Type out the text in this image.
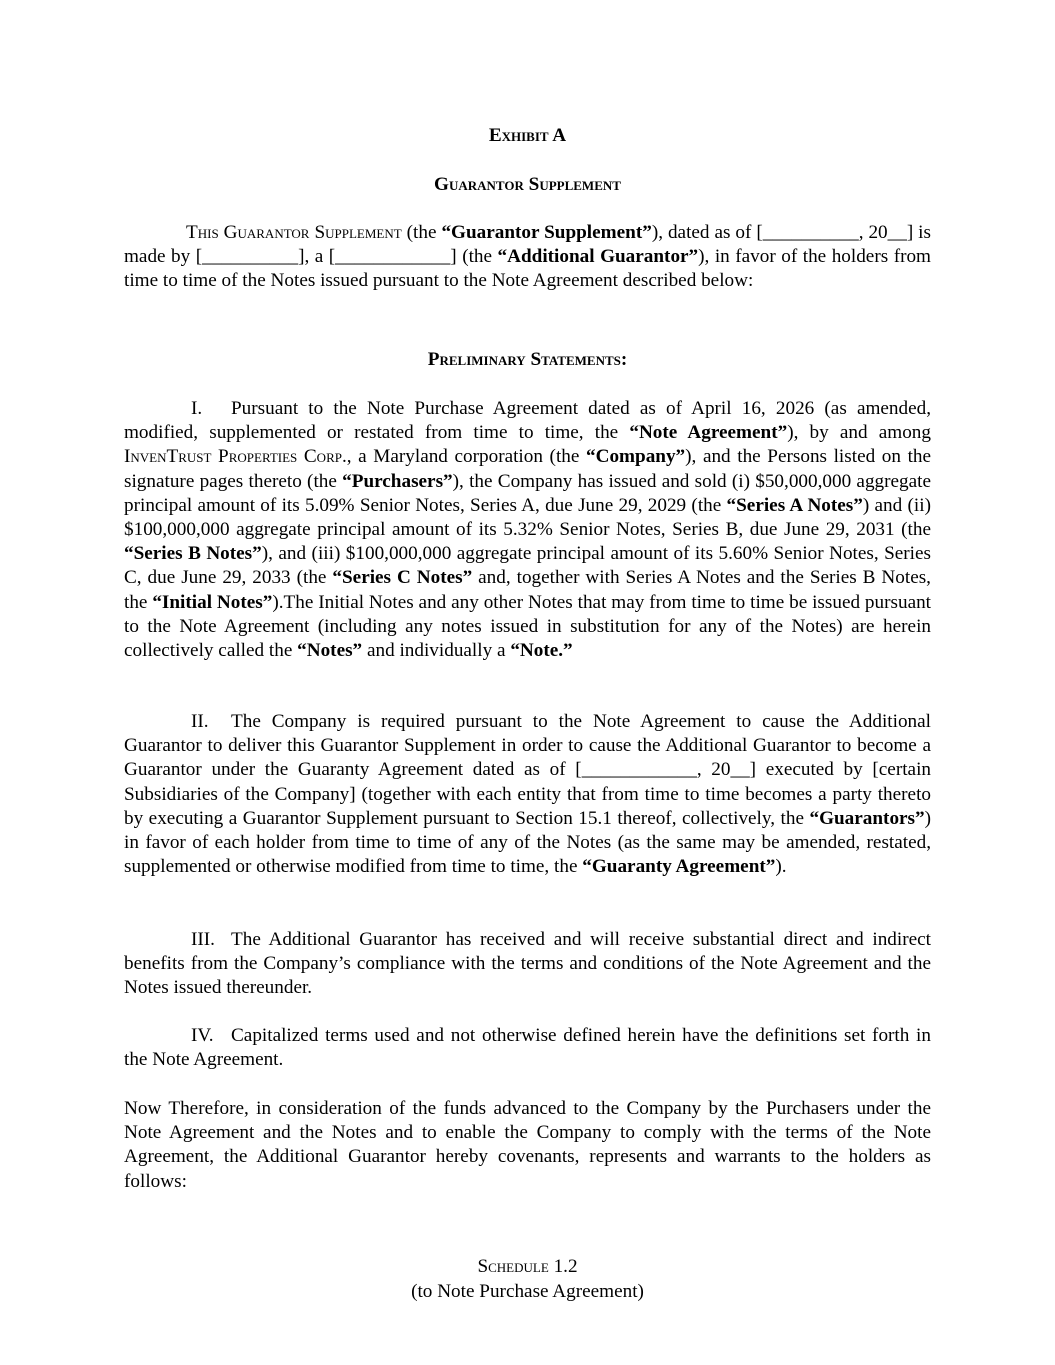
Exhibit A

Guarantor Supplement

This Guarantor Supplement (the “Guarantor Supplement”), dated as of [__________, 20__] is made by [__________], a [____________] (the “Additional Guarantor”), in favor of the holders from time to time of the Notes issued pursuant to the Note Agreement described below:

Preliminary Statements:

I. Pursuant to the Note Purchase Agreement dated as of April 16, 2026 (as amended, modified, supplemented or restated from time to time, the “Note Agreement”), by and among InvenTrust Properties Corp., a Maryland corporation (the “Company”), and the Persons listed on the signature pages thereto (the “Purchasers”), the Company has issued and sold (i) $50,000,000 aggregate principal amount of its 5.09% Senior Notes, Series A, due June 29, 2029 (the “Series A Notes”) and (ii) $100,000,000 aggregate principal amount of its 5.32% Senior Notes, Series B, due June 29, 2031 (the “Series B Notes”), and (iii) $100,000,000 aggregate principal amount of its 5.60% Senior Notes, Series C, due June 29, 2033 (the “Series C Notes” and, together with Series A Notes and the Series B Notes, the “Initial Notes”).The Initial Notes and any other Notes that may from time to time be issued pursuant to the Note Agreement (including any notes issued in substitution for any of the Notes) are herein collectively called the “Notes” and individually a “Note.”

II. The Company is required pursuant to the Note Agreement to cause the Additional Guarantor to deliver this Guarantor Supplement in order to cause the Additional Guarantor to become a Guarantor under the Guaranty Agreement dated as of [____________, 20__] executed by [certain Subsidiaries of the Company] (together with each entity that from time to time becomes a party thereto by executing a Guarantor Supplement pursuant to Section 15.1 thereof, collectively, the “Guarantors”) in favor of each holder from time to time of any of the Notes (as the same may be amended, restated, supplemented or otherwise modified from time to time, the “Guaranty Agreement”).

III. The Additional Guarantor has received and will receive substantial direct and indirect benefits from the Company’s compliance with the terms and conditions of the Note Agreement and the Notes issued thereunder.

IV. Capitalized terms used and not otherwise defined herein have the definitions set forth in the Note Agreement.

Now Therefore, in consideration of the funds advanced to the Company by the Purchasers under the Note Agreement and the Notes and to enable the Company to comply with the terms of the Note Agreement, the Additional Guarantor hereby covenants, represents and warrants to the holders as follows:

Schedule 1.2

(to Note Purchase Agreement)
